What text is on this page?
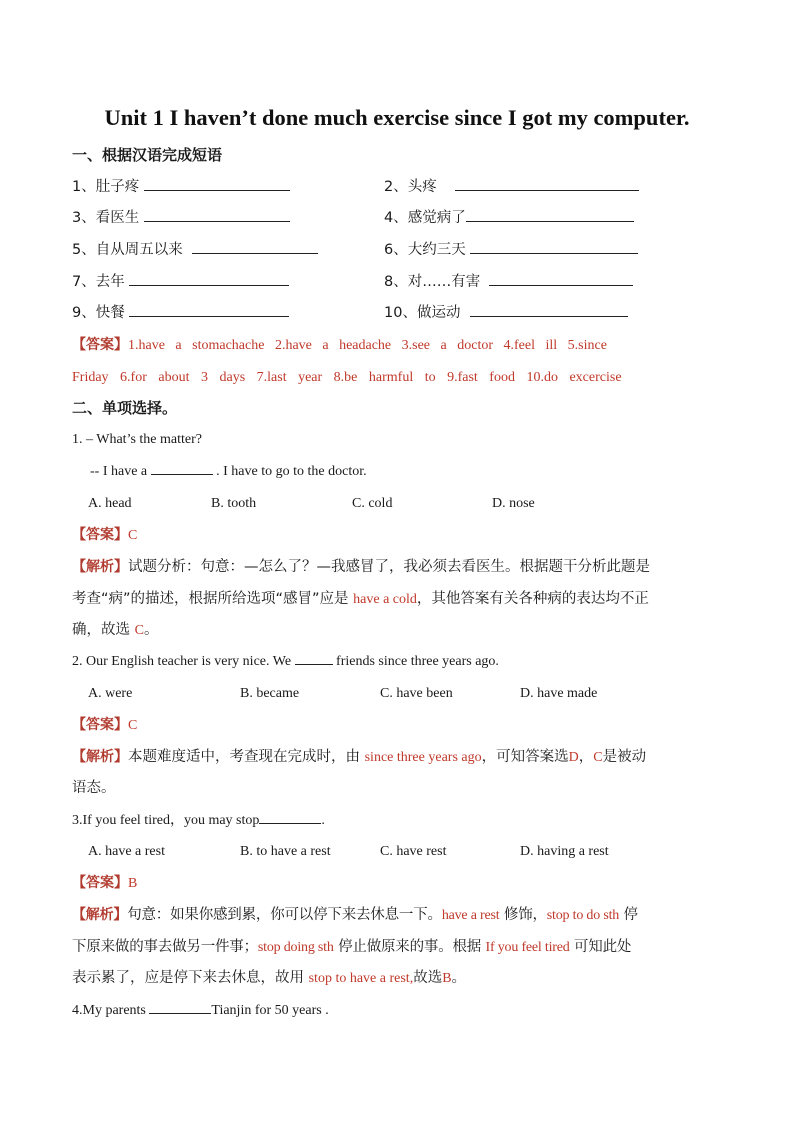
Unit 1 I haven’t done much exercise since I got my computer.
一、根据汉语完成短语
1、肚子疼	2、头疼
3、看医生	4、感觉病了
5、自从周五以来	6、大约三天
7、去年	8、对……有害
9、快餐	10、做运动
【答案】1.have a stomachache 2.have a headache 3.see a doctor 4.feel ill 5.since
Friday 6.for about 3 days 7.last year 8.be harmful to 9.fast food 10.do excercise
二、单项选择。
1. – What’s the matter?
-- I have a	. I have to go to the doctor.
A. head	B. tooth	C. cold	D. nose
【答案】C
【解析】试题分析：句意：—怎么了？—我感冒了，我必须去看医生。根据题干分析此题是
考查“病”的描述，根据所给选项“感冒”应是 have a cold，其他答案有关各种病的表达均不正
确，故选 C。
2. Our English teacher is very nice. We	friends since three years ago.
A. were	B. became	C. have been	D. have made
【答案】C
【解析】本题难度适中，考查现在完成时，由 since three years ago，可知答案选D，C是被动
语态。
3.If you feel tired，you may stop	.
A. have a rest	B. to have a rest	C. have rest	D. having a rest
【答案】B
【解析】句意：如果你感到累，你可以停下来去休息一下。have a rest 修饰，stop to do sth 停
下原来做的事去做另一件事；stop doing sth 停止做原来的事。根据 If you feel tired 可知此处
表示累了，应是停下来去休息，故用 stop to have a rest,故选B。
4.My parents	Tianjin for 50 years .
